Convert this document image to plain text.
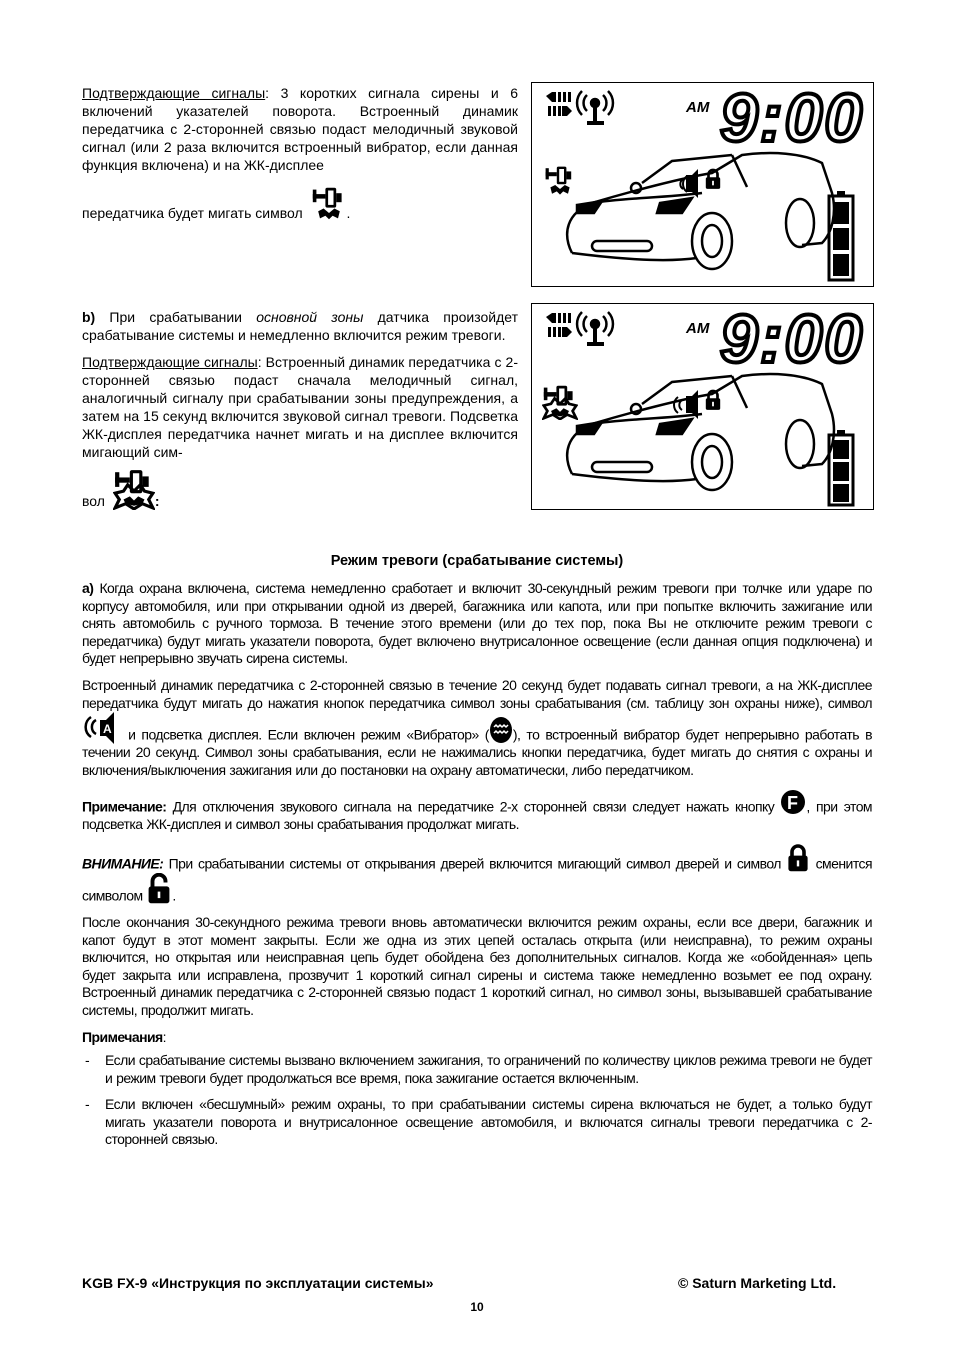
Подтверждающие сигналы: 3 коротких сигнала сирены и 6 включений указателей поворота. Встроенный динамик передатчика с 2-сторонней связью подаст мелодичный звуковой сигнал (или 2 раза включится встроенный вибратор, если данная функция включена) и на ЖК-дисплее

передатчика будет мигать символ	.

AM 9:00

b) При срабатывании основной зоны датчика произойдет срабатывание системы и немедленно включится режим тревоги.

Подтверждающие сигналы: Встроенный динамик передатчика с 2-сторонней связью подаст сначала мелодичный сигнал, аналогичный сигналу при срабатывании зоны предупреждения, а затем на 15 секунд включится звуковой сигнал тревоги. Подсветка ЖК-дисплея передатчика начнет мигать и на дисплее включится мигающий сим-

вол	:

AM 9:00
Режим тревоги (срабатывание системы)

а) Когда охрана включена, система немедленно сработает и включит 30-секундный режим тревоги при толчке или ударе по корпусу автомобиля, или при открывании одной из дверей, багажника или капота, или при попытке включить зажигание или снять автомобиль с ручного тормоза. В течение этого времени (или до тех пор, пока Вы не отключите режим тревоги с передатчика) будут мигать указатели поворота, будет включено внутрисалонное освещение (если данная опция подключена) и будет непрерывно звучать сирена системы.

Встроенный динамик передатчика с 2-сторонней связью в течение 20 секунд будет подавать сигнал тревоги, а на ЖК-дисплее передатчика будут мигать до нажатия кнопок передатчика символ зоны срабатывания (см. таблицу зон охраны ниже), символ
A и подсветка дисплея. Если включен режим «Вибратор» ( ), то встроенный вибратор будет непрерывно работать в течении 20 секунд. Символ зоны срабатывания, если не нажимались кнопки передатчика, будет мигать до снятия с охраны и включения/выключения зажигания или до постановки на охрану автоматически, либо передатчиком.

Примечание: Для отключения звукового сигнала на передатчике 2-х сторонней связи следует нажать кнопку F , при этом подсветка ЖК-дисплея и символ зоны срабатывания продолжат мигать.

ВНИМАНИЕ: При срабатывании системы от открывания дверей включится мигающий символ дверей и символ  сменится символом .

После окончания 30-секундного режима тревоги вновь автоматически включится режим охраны, если все двери, багажник и капот будут в этот момент закрыты. Если же одна из этих цепей осталась открыта (или неисправна), то режим охраны включится, но открытая или неисправная цепь будет обойдена без дополнительных сигналов. Когда же «обойденная» цепь будет закрыта или исправлена, прозвучит 1 короткий сигнал сирены и система также немедленно возьмет ее под охрану. Встроенный динамик передатчика с 2-сторонней связью подаст 1 короткий сигнал, но символ зоны, вызывавшей срабатывание системы, продолжит мигать.

Примечания:

- Если срабатывание системы вызвано включением зажигания, то ограничений по количеству циклов режима тревоги не будет и режим тревоги будет продолжаться все время, пока зажигание остается включенным.
- Если включен «бесшумный» режим охраны, то при срабатывании системы сирена включаться не будет, а только будут мигать указатели поворота и внутрисалонное освещение автомобиля, и включатся сигналы тревоги передатчика с 2-сторонней связью.
KGB FX-9 «Инструкция по эксплуатации системы»	© Saturn Marketing Ltd.
10
